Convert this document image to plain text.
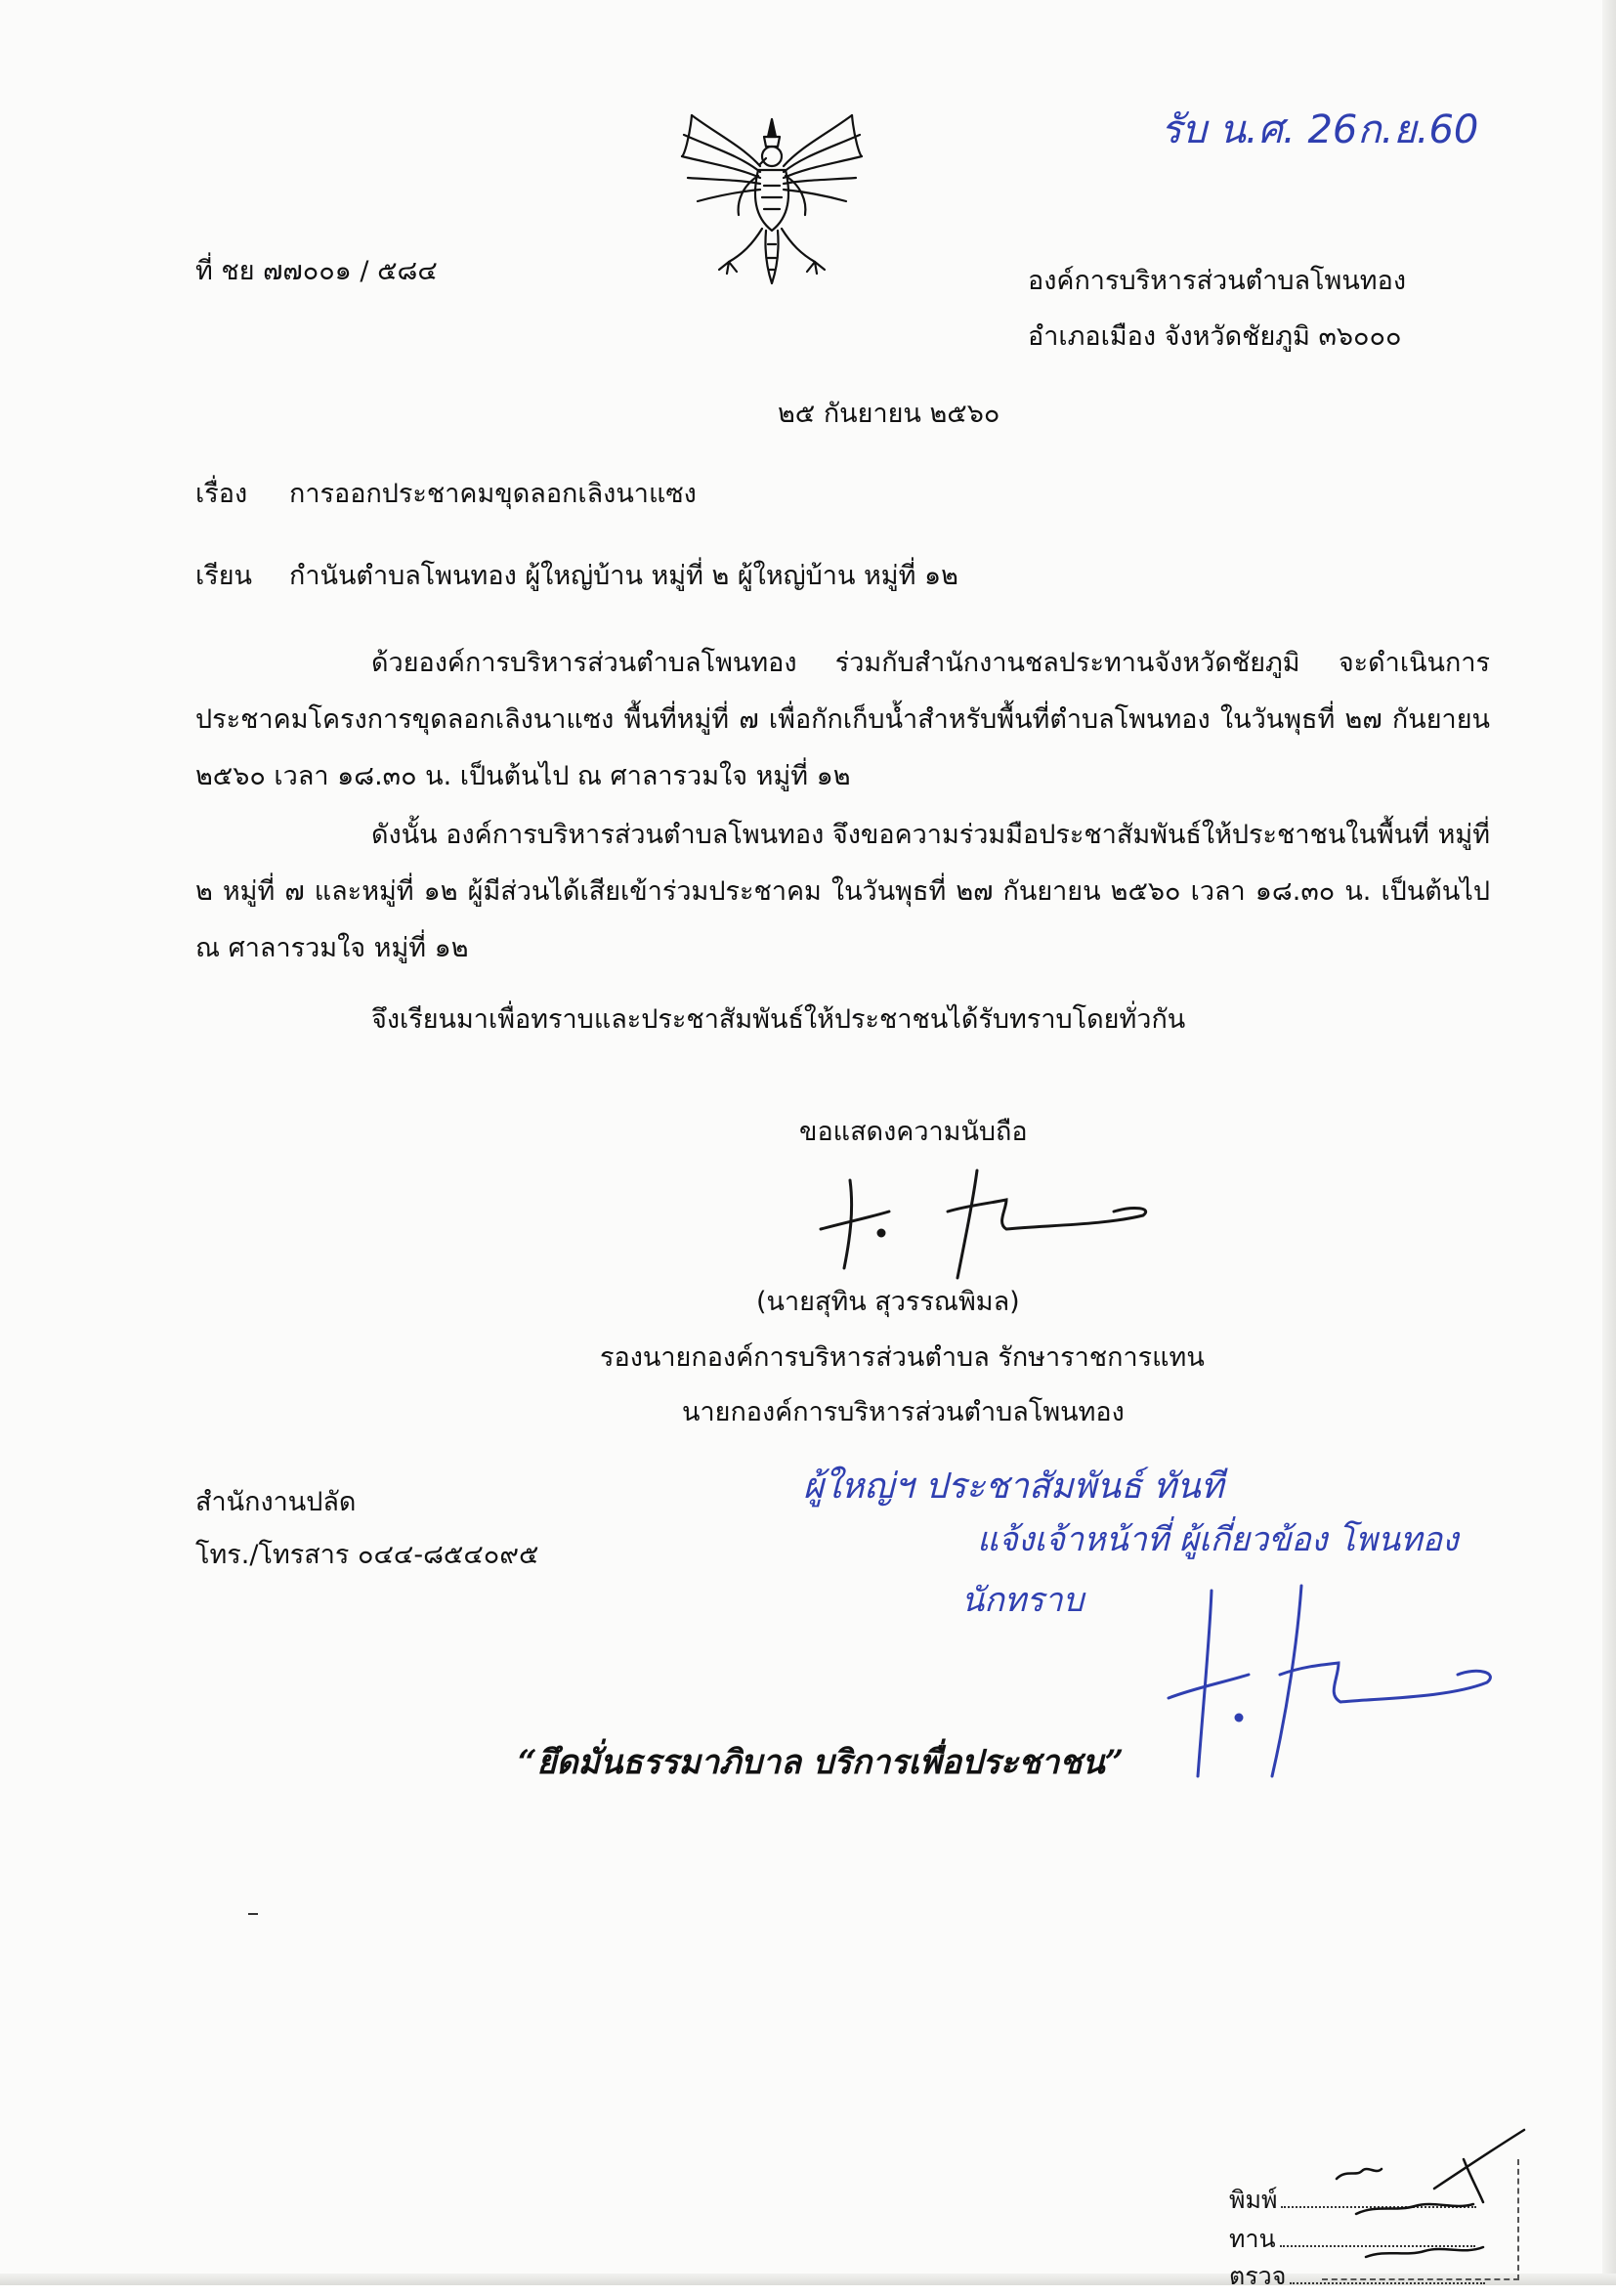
รับ น.ศ. 26ก.ย.60
ที่ ชย ๗๗๐๐๑ / ๕๘๔	องค์การบริหารส่วนตำบลโพนทอง
อำเภอเมือง จังหวัดชัยภูมิ ๓๖๐๐๐
๒๕ กันยายน ๒๕๖๐
เรื่อง การออกประชาคมขุดลอกเลิงนาแซง
เรียน กำนันตำบลโพนทอง ผู้ใหญ่บ้าน หมู่ที่ ๒ ผู้ใหญ่บ้าน หมู่ที่ ๑๒
ด้วยองค์การบริหารส่วนตำบลโพนทอง ร่วมกับสำนักงานชลประทานจังหวัดชัยภูมิ จะดำเนินการประชาคมโครงการขุดลอกเลิงนาแซง พื้นที่หมู่ที่ ๗ เพื่อกักเก็บน้ำสำหรับพื้นที่ตำบลโพนทอง ในวันพุธที่ ๒๗ กันยายน ๒๕๖๐ เวลา ๑๘.๓๐ น. เป็นต้นไป ณ ศาลารวมใจ หมู่ที่ ๑๒
ดังนั้น องค์การบริหารส่วนตำบลโพนทอง จึงขอความร่วมมือประชาสัมพันธ์ให้ประชาชนในพื้นที่ หมู่ที่ ๒ หมู่ที่ ๗ และหมู่ที่ ๑๒ ผู้มีส่วนได้เสียเข้าร่วมประชาคม ในวันพุธที่ ๒๗ กันยายน ๒๕๖๐ เวลา ๑๘.๓๐ น. เป็นต้นไป ณ ศาลารวมใจ หมู่ที่ ๑๒
จึงเรียนมาเพื่อทราบและประชาสัมพันธ์ให้ประชาชนได้รับทราบโดยทั่วกัน
ขอแสดงความนับถือ
(นายสุทิน สุวรรณพิมล)
รองนายกองค์การบริหารส่วนตำบล รักษาราชการแทน
นายกองค์การบริหารส่วนตำบลโพนทอง
สำนักงานปลัด
โทร./โทรสาร ๐๔๔-๘๕๔๐๙๕
ผู้ใหญ่ฯ ประชาสัมพันธ์ ทันที
แจ้งเจ้าหน้าที่ ผู้เกี่ยวข้อง โพนทอง
นักทราบ
“ยึดมั่นธรรมาภิบาล บริการเพื่อประชาชน”
พิมพ์
ทาน
ตรวจ
